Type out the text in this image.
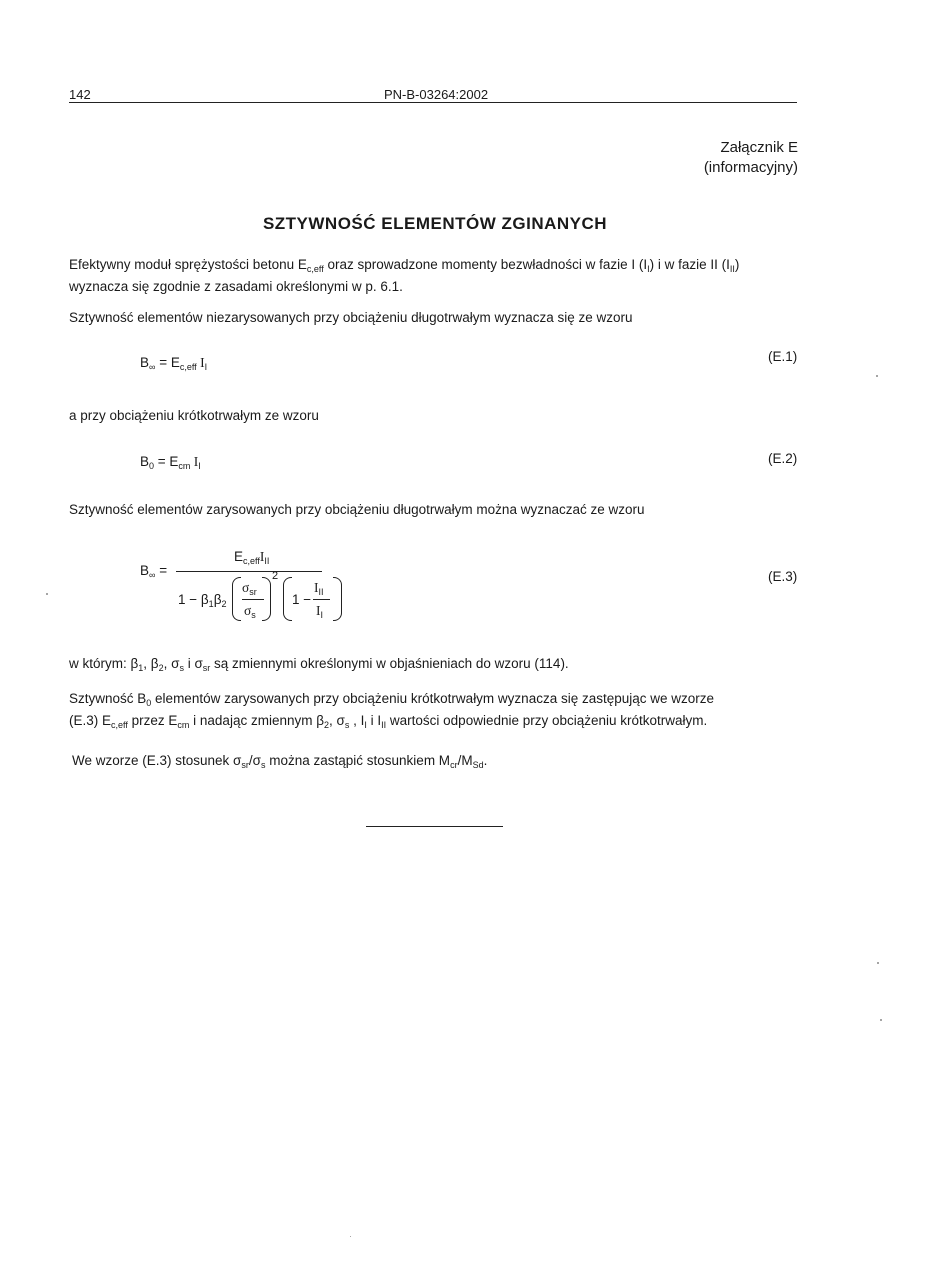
142	PN-B-03264:2002
Załącznik E
(informacyjny)
SZTYWNOŚĆ ELEMENTÓW ZGINANYCH
Efektywny moduł sprężystości betonu $E_{c,eff}$ oraz sprowadzone momenty bezwładności w fazie I $(I_I)$ i w fazie II $(I_{II})$
wyznacza się zgodnie z zasadami określonymi w p. 6.1.
Sztywność elementów niezarysowanych przy obciążeniu długotrwałym wyznacza się ze wzoru
$B_\infty = E_{c,eff}$ $I_I$
(E.1)
a przy obciążeniu krótkotrwałym ze wzoru
$B_0 = E_{cm}$ $I_I$	(E.2)
Sztywność elementów zarysowanych przy obciążeniu długotrwałym można wyznaczać ze wzoru
$B_\infty$ =
$E_{c,eff}I_{II}$
$1 - \beta_1\beta_2$
$\sigma_{sr}$
$\sigma_s$
2
1 −
$I_{II}$
$I_I$
(E.3)
w którym: $\beta_1$, $\beta_2$, $\sigma_s$ i $\sigma_{sr}$ są zmiennymi określonymi w objaśnieniach do wzoru (114).
Sztywność $B_0$ elementów zarysowanych przy obciążeniu krótkotrwałym wyznacza się zastępując we wzorze
(E.3) $E_{c,eff}$ przez $E_{cm}$ i nadając zmiennym $\beta_2$, $\sigma_s$ , $I_I$ i $I_{II}$ wartości odpowiednie przy obciążeniu krótkotrwałym.
We wzorze (E.3) stosunek $\sigma_{sr}/\sigma_s$ można zastąpić stosunkiem $M_{cr}/M_{Sd}$.
